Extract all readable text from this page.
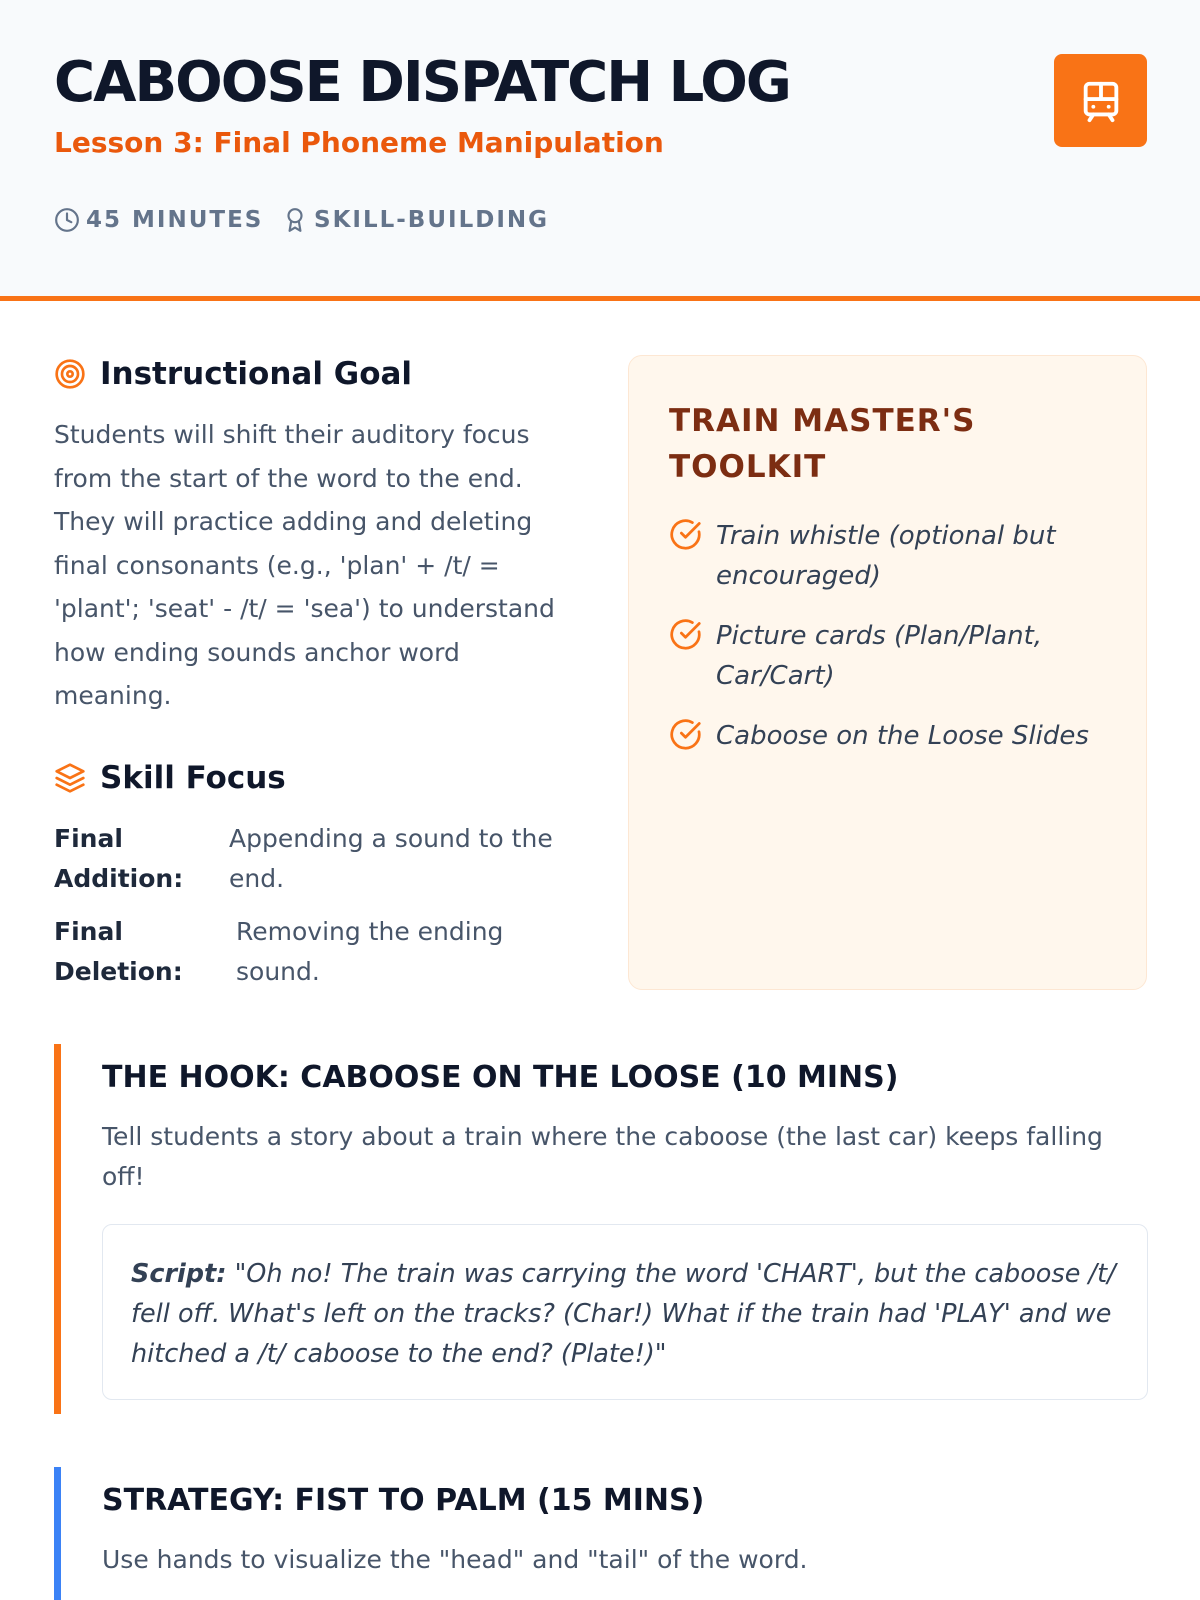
CABOOSE DISPATCH LOG
Lesson 3: Final Phoneme Manipulation
45 MINUTES SKILL-BUILDING
Instructional Goal

Students will shift their auditory focus from the start of the word to the end. They will practice adding and deleting final consonants (e.g., 'plan' + /t/ = 'plant'; 'seat' - /t/ = 'sea') to understand how ending sounds anchor word meaning.

Skill Focus
Final Addition:
Appending a sound to the end.
Final Deletion:
Removing the ending sound.
TRAIN MASTER'S TOOLKIT
Train whistle (optional but encouraged)
Picture cards (Plan/Plant, Car/Cart)
Caboose on the Loose Slides
THE HOOK: CABOOSE ON THE LOOSE (10 MINS)

Tell students a story about a train where the caboose (the last car) keeps falling off!

Script: "Oh no! The train was carrying the word 'CHART', but the caboose /t/ fell off. What's left on the tracks? (Char!) What if the train had 'PLAY' and we hitched a /t/ caboose to the end? (Plate!)"
STRATEGY: FIST TO PALM (15 MINS)

Use hands to visualize the "head" and "tail" of the word.
